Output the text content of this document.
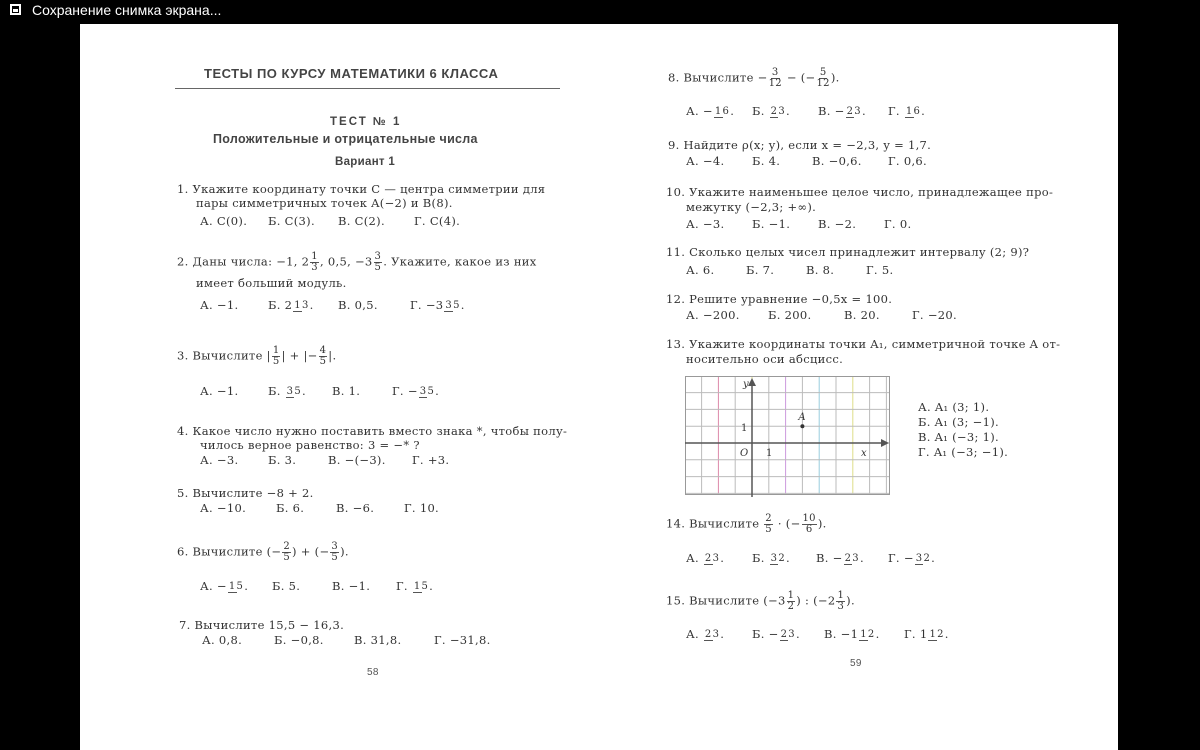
Сохранение снимка экрана...
ТЕСТЫ ПО КУРСУ МАТЕМАТИКИ 6 КЛАССА
ТЕСТ № 1
Положительные и отрицательные числа
Вариант 1
1. Укажите координату точки C — центра симметрии для
пары симметричных точек A(−2) и B(8).
А. C(0). Б. C(3). В. C(2).	Г. C(4).
2. Даны числа: −1, $2 \frac{1}{3}$ , 0,5, $-3 \frac{3}{5}$ . Укажите, какое из них
имеет больший модуль.
А. −1.	Б. 2 13. В. 0,5.	Г. −3 35.
3. Вычислите | $\frac{1}{5}$ | + |− $\frac{4}{5}$ |.
А. −1.	Б. 35. В. 1.	Г. − 35.
4. Какое число нужно поставить вместо знака *, чтобы полу-
чилось верное равенство: 3 = −* ?
А. −3.	Б. 3.	В. −(−3). Г. +3.
5. Вычислите −8 + 2.
А. −10.	Б. 6.	В. −6.	Г. 10.
6. Вычислите (− $\frac{2}{5}$ ) + (− $\frac{3}{5}$ ).
А. − 15. Б. 5.	В. −1. Г. 15.
7. Вычислите 15,5 − 16,3.
А. 0,8.	Б. −0,8.	В. 31,8.	Г. −31,8.
58
8. Вычислите − $\frac{3}{12}$ − (− $\frac{5}{12}$ ).
А. − 16. Б. 23. В. − 23. Г. 16.
9. Найдите ρ(x; y), если x = −2,3, y = 1,7.
А. −4. Б. 4.	В. −0,6. Г. 0,6.
10. Укажите наименьшее целое число, принадлежащее про-
межутку (−2,3; +∞).
А. −3. Б. −1. В. −2. Г. 0.
11. Сколько целых чисел принадлежит интервалу (2; 9)?
А. 6.	Б. 7.	В. 8.	Г. 5.
12. Решите уравнение −0,5x = 100.
А. −200. Б. 200.	В. 20.	Г. −20.
13. Укажите координаты точки A₁, симметричной точке A от-
носительно оси абсцисс.
A
y
x
O 1
1
А. A₁ (3; 1).
Б. A₁ (3; −1).
В. A₁ (−3; 1).
Г. A₁ (−3; −1).
14. Вычислите $\frac{2}{5}$ · (− $\frac{10}{6}$ ).
А. 23. Б. 32. В. − 23. Г. − 32.
15. Вычислите ($-3 \frac{1}{2}$ ) : ($-2 \frac{1}{3}$ ).
А. 23. Б. − 23. В. −1 12. Г. 1 12.
59
